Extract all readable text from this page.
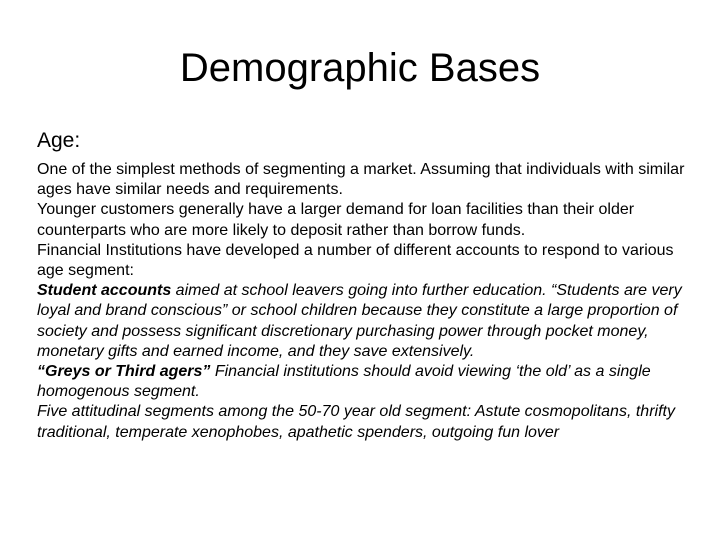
Demographic Bases
Age:

One of the simplest methods of segmenting a market. Assuming that individuals with similar ages have similar needs and requirements.

Younger customers generally have a larger demand for loan facilities than their older counterparts who are more likely to deposit rather than borrow funds.

Financial Institutions have developed a number of different accounts to respond to various age segment:

Student accounts aimed at school leavers going into further education. “Students are very loyal and brand conscious” or school children because they constitute a large proportion of society and possess significant discretionary purchasing power through pocket money, monetary gifts and earned income, and they save extensively.

“Greys or Third agers” Financial institutions should avoid viewing ‘the old’ as a single homogenous segment.

Five attitudinal segments among the 50-70 year old segment: Astute cosmopolitans, thrifty traditional, temperate xenophobes, apathetic spenders, outgoing fun lover
